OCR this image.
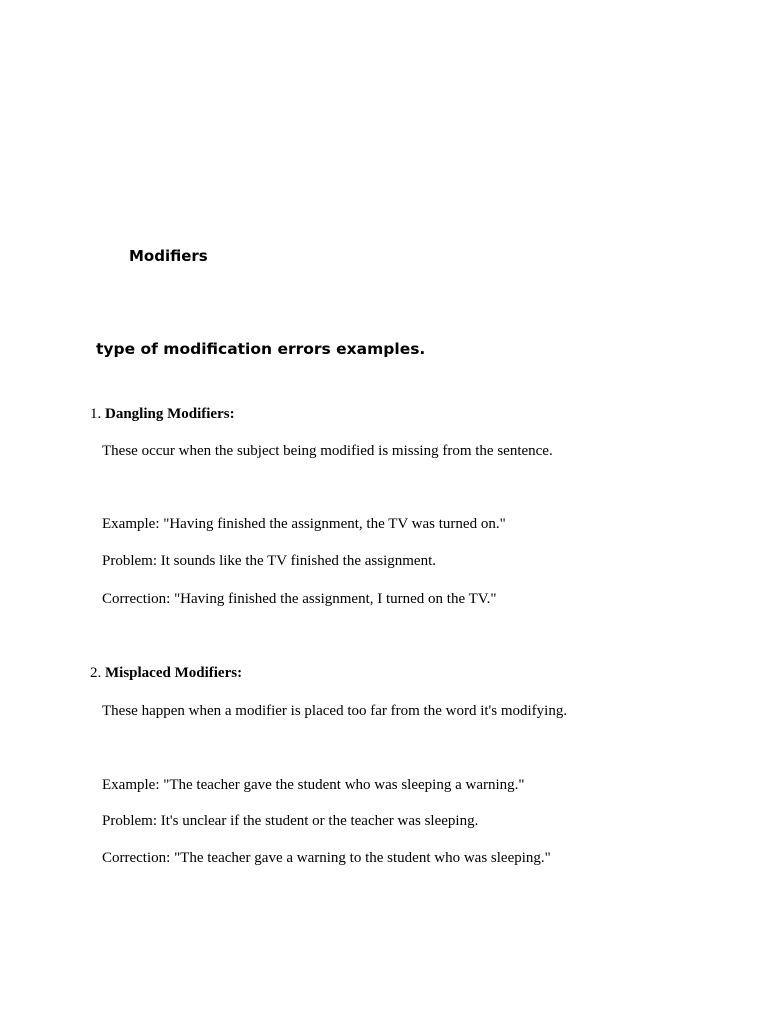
Modifiers
type of modification errors examples.
1. Dangling Modifiers:

These occur when the subject being modified is missing from the sentence.

Example: "Having finished the assignment, the TV was turned on."

Problem: It sounds like the TV finished the assignment.

Correction: "Having finished the assignment, I turned on the TV."

2. Misplaced Modifiers:

These happen when a modifier is placed too far from the word it's modifying.

Example: "The teacher gave the student who was sleeping a warning."

Problem: It's unclear if the student or the teacher was sleeping.

Correction: "The teacher gave a warning to the student who was sleeping."
